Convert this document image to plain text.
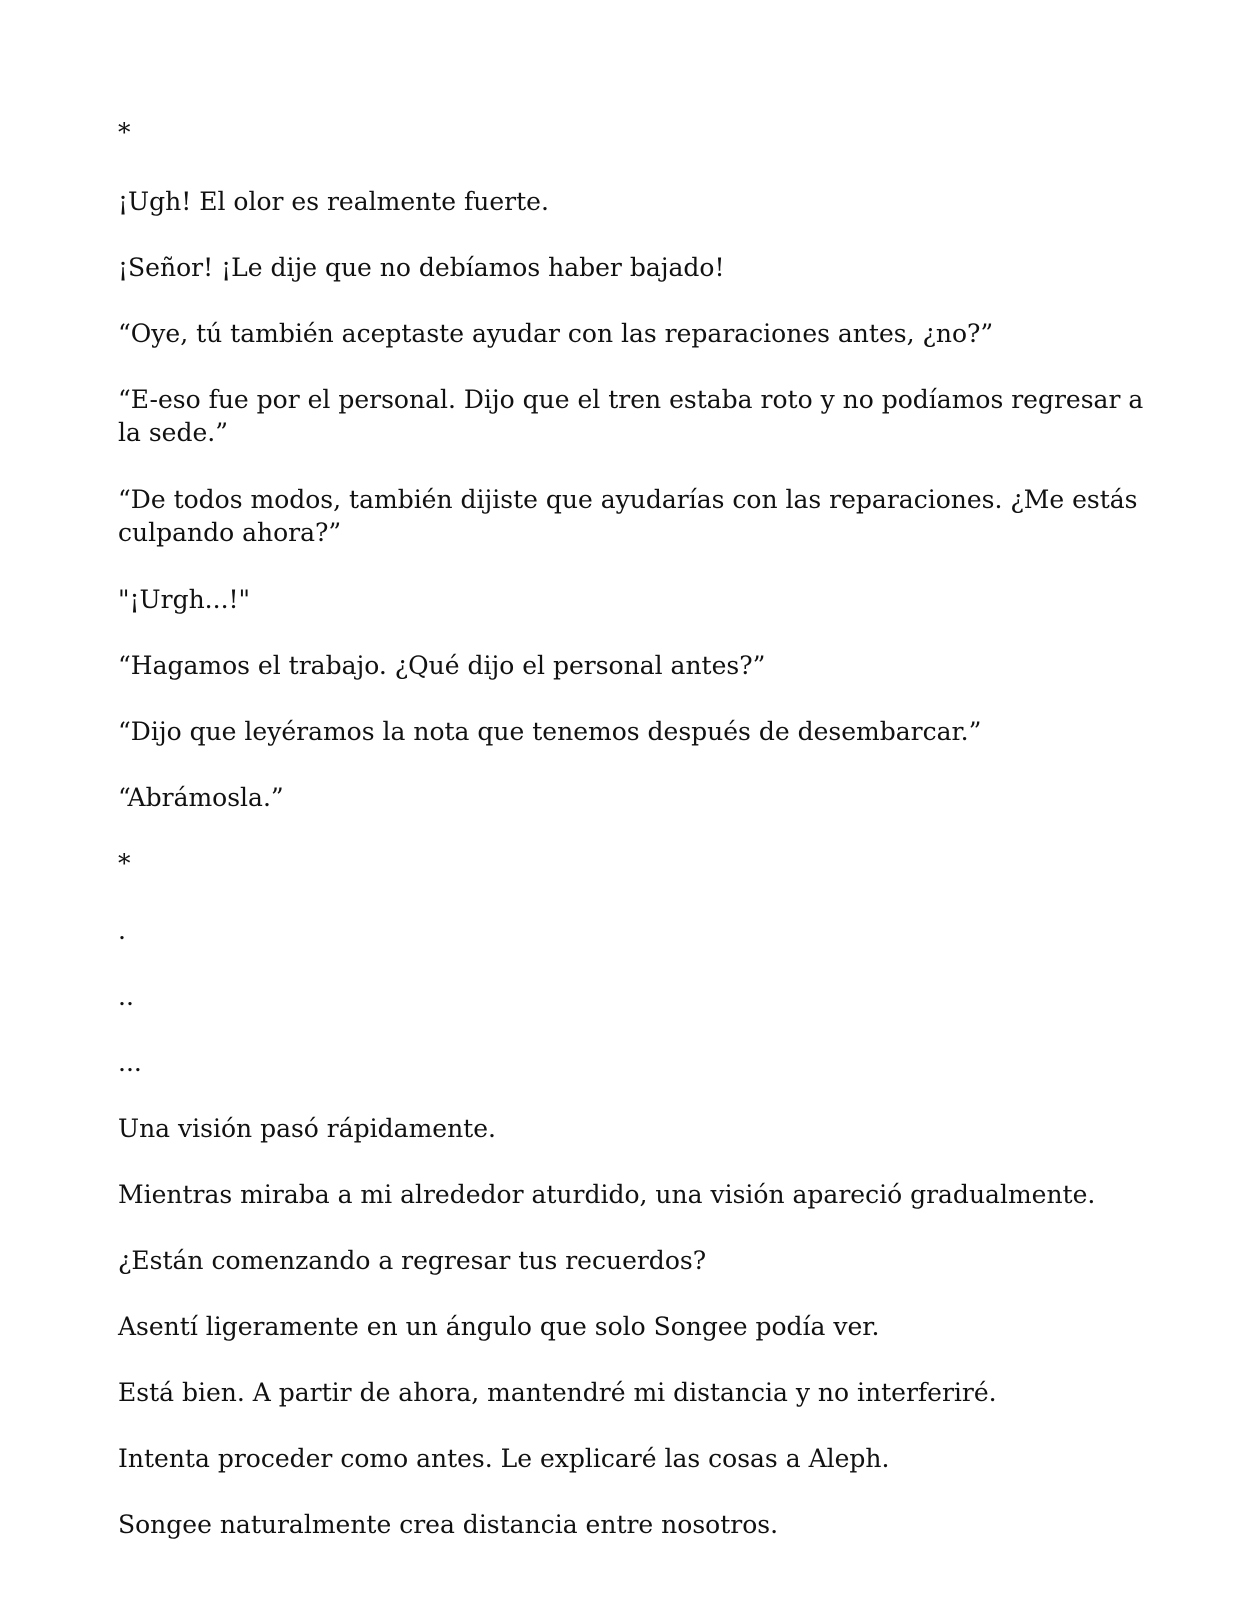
*

¡Ugh! El olor es realmente fuerte.

¡Señor! ¡Le dije que no debíamos haber bajado!

“Oye, tú también aceptaste ayudar con las reparaciones antes, ¿no?”

“E-eso fue por el personal. Dijo que el tren estaba roto y no podíamos regresar a

la sede.”

“De todos modos, también dijiste que ayudarías con las reparaciones. ¿Me estás

culpando ahora?”

"¡Urgh...!"

“Hagamos el trabajo. ¿Qué dijo el personal antes?”

“Dijo que leyéramos la nota que tenemos después de desembarcar.”

“Abrámosla.”

*

.

..

...

Una visión pasó rápidamente.

Mientras miraba a mi alrededor aturdido, una visión apareció gradualmente.

¿Están comenzando a regresar tus recuerdos?

Asentí ligeramente en un ángulo que solo Songee podía ver.

Está bien. A partir de ahora, mantendré mi distancia y no interferiré.

Intenta proceder como antes. Le explicaré las cosas a Aleph.

Songee naturalmente crea distancia entre nosotros.
